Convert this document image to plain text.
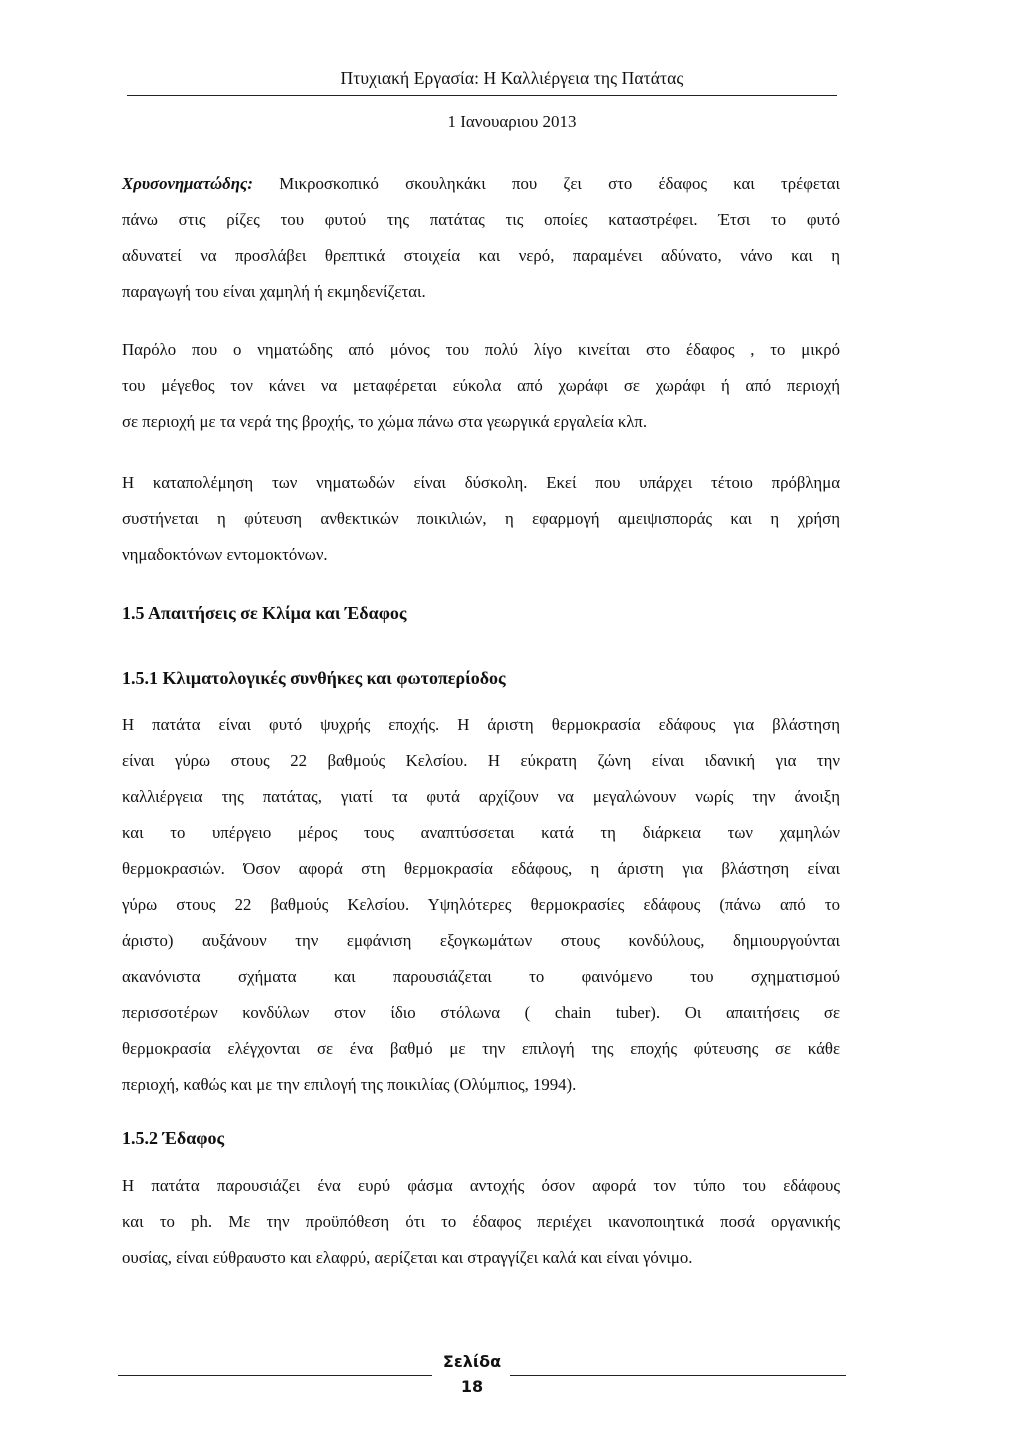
Πτυχιακή Εργασία: Η Καλλιέργεια της Πατάτας
1 Ιανουαριου 2013
Χρυσονηματώδης: Μικροσκοπικό σκουληκάκι που ζει στο έδαφος και τρέφεται
πάνω στις ρίζες του φυτού της πατάτας τις οποίες καταστρέφει. Έτσι το φυτό
αδυνατεί να προσλάβει θρεπτικά στοιχεία και νερό, παραμένει αδύνατο, νάνο και η
παραγωγή του είναι χαμηλή ή εκμηδενίζεται.
Παρόλο που ο νηματώδης από μόνος του πολύ λίγο κινείται στο έδαφος , το μικρό
του μέγεθος τον κάνει να μεταφέρεται εύκολα από χωράφι σε χωράφι ή από περιοχή
σε περιοχή με τα νερά της βροχής, το χώμα πάνω στα γεωργικά εργαλεία κλπ.
Η καταπολέμηση των νηματωδών είναι δύσκολη. Εκεί που υπάρχει τέτοιο πρόβλημα
συστήνεται η φύτευση ανθεκτικών ποικιλιών, η εφαρμογή αμειψισποράς και η χρήση
νημαδοκτόνων εντομοκτόνων.
1.5 Απαιτήσεις σε Κλίμα και Έδαφος
1.5.1 Κλιματολογικές συνθήκες και φωτοπερίοδος
Η πατάτα είναι φυτό ψυχρής εποχής. Η άριστη θερμοκρασία εδάφους για βλάστηση
είναι γύρω στους 22 βαθμούς Κελσίου. Η εύκρατη ζώνη είναι ιδανική για την
καλλιέργεια της πατάτας, γιατί τα φυτά αρχίζουν να μεγαλώνουν νωρίς την άνοιξη
και το υπέργειο μέρος τους αναπτύσσεται κατά τη διάρκεια των χαμηλών
θερμοκρασιών. Όσον αφορά στη θερμοκρασία εδάφους, η άριστη για βλάστηση είναι
γύρω στους 22 βαθμούς Κελσίου. Υψηλότερες θερμοκρασίες εδάφους (πάνω από το
άριστο) αυξάνουν την εμφάνιση εξογκωμάτων στους κονδύλους, δημιουργούνται
ακανόνιστα σχήματα και παρουσιάζεται το φαινόμενο του σχηματισμού
περισσοτέρων κονδύλων στον ίδιο στόλωνα ( chain tuber). Οι απαιτήσεις σε
θερμοκρασία ελέγχονται σε ένα βαθμό με την επιλογή της εποχής φύτευσης σε κάθε
περιοχή, καθώς και με την επιλογή της ποικιλίας (Ολύμπιος, 1994).
1.5.2 Έδαφος
Η πατάτα παρουσιάζει ένα ευρύ φάσμα αντοχής όσον αφορά τον τύπο του εδάφους
και το ph. Με την προϋπόθεση ότι το έδαφος περιέχει ικανοποιητικά ποσά οργανικής
ουσίας, είναι εύθραυστο και ελαφρύ, αερίζεται και στραγγίζει καλά και είναι γόνιμο.
Σελίδα
18
